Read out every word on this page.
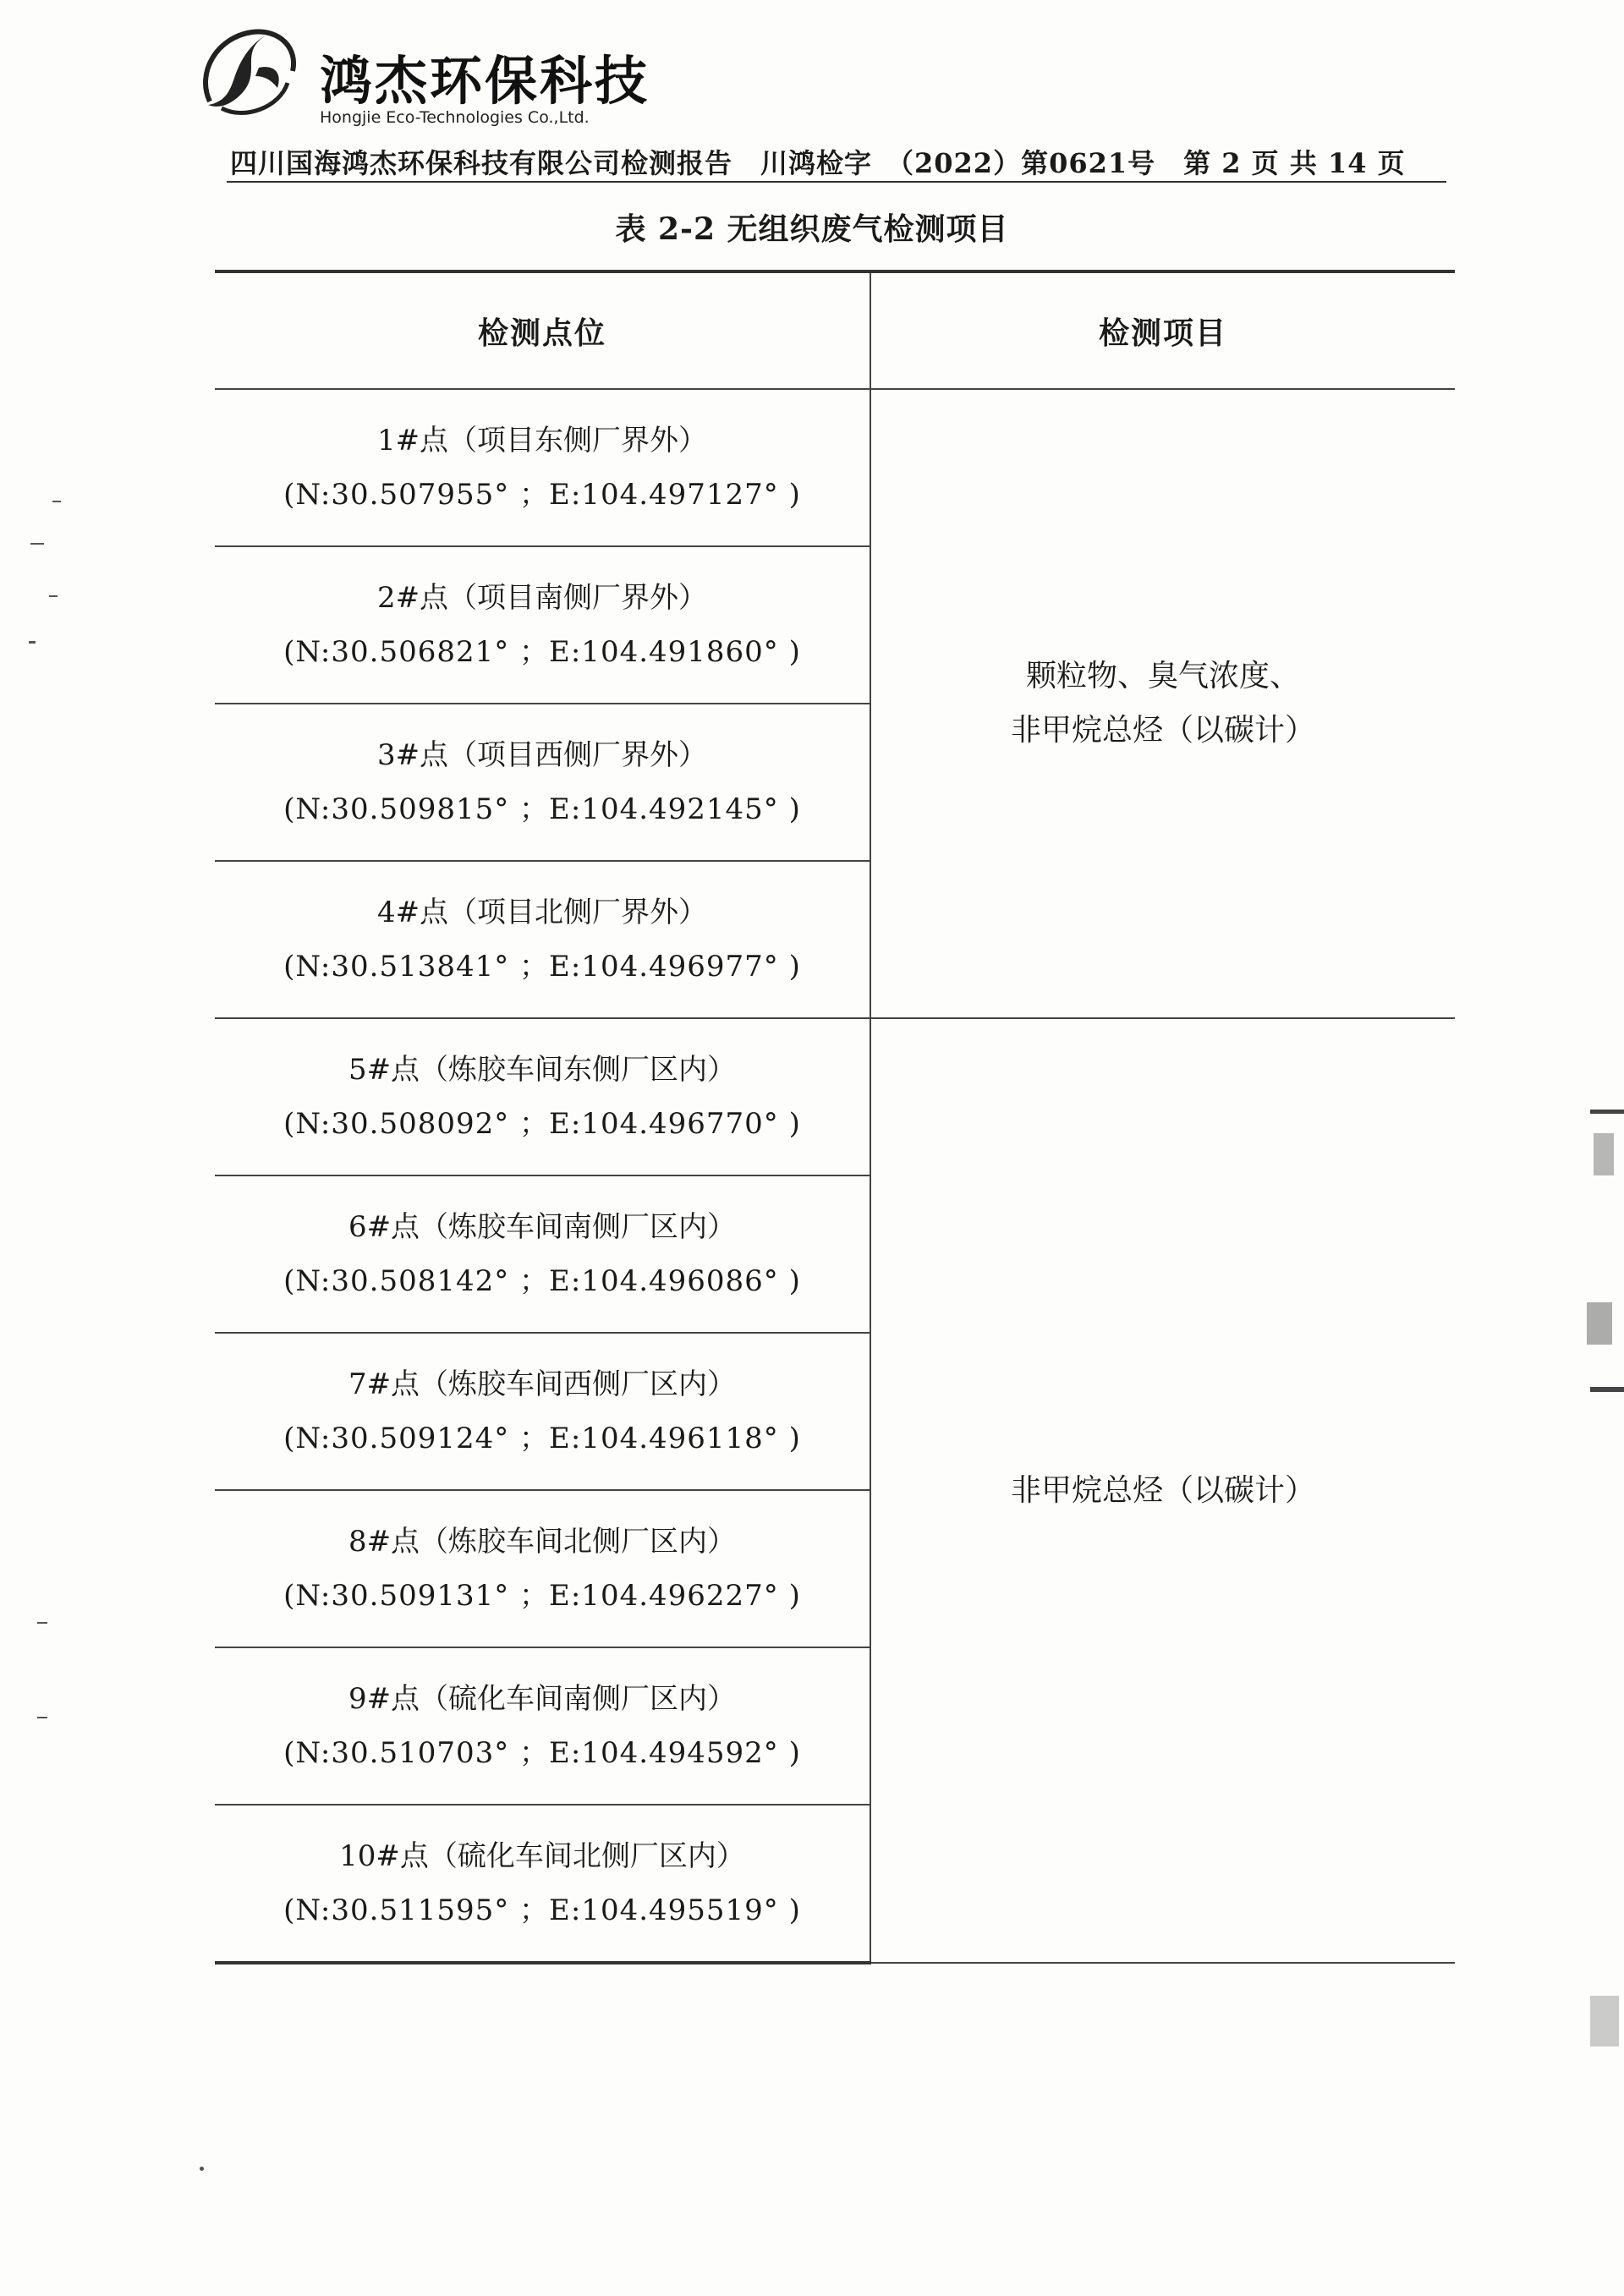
鸿杰环保科技
Hongjie Eco-Technologies Co.,Ltd.
四川国海鸿杰环保科技有限公司检测报告　川鸿检字　（2022）第0621号　第 2 页 共 14 页
表 2-2 无组织废气检测项目
检测点位	检测项目

1#点（项目东侧厂界外）
(N:30.507955° ；E:104.497127° )	颗粒物、臭气浓度、
非甲烷总烃（以碳计）

2#点（项目南侧厂界外）
(N:30.506821° ；E:104.491860° )	

3#点（项目西侧厂界外）
(N:30.509815° ；E:104.492145° )	

4#点（项目北侧厂界外）
(N:30.513841° ；E:104.496977° )	

5#点（炼胶车间东侧厂区内）
(N:30.508092° ；E:104.496770° )	非甲烷总烃（以碳计）

6#点（炼胶车间南侧厂区内）
(N:30.508142° ；E:104.496086° )	

7#点（炼胶车间西侧厂区内）
(N:30.509124° ；E:104.496118° )	

8#点（炼胶车间北侧厂区内）
(N:30.509131° ；E:104.496227° )	

9#点（硫化车间南侧厂区内）
(N:30.510703° ；E:104.494592° )	

10#点（硫化车间北侧厂区内）
(N:30.511595° ；E:104.495519° )	
